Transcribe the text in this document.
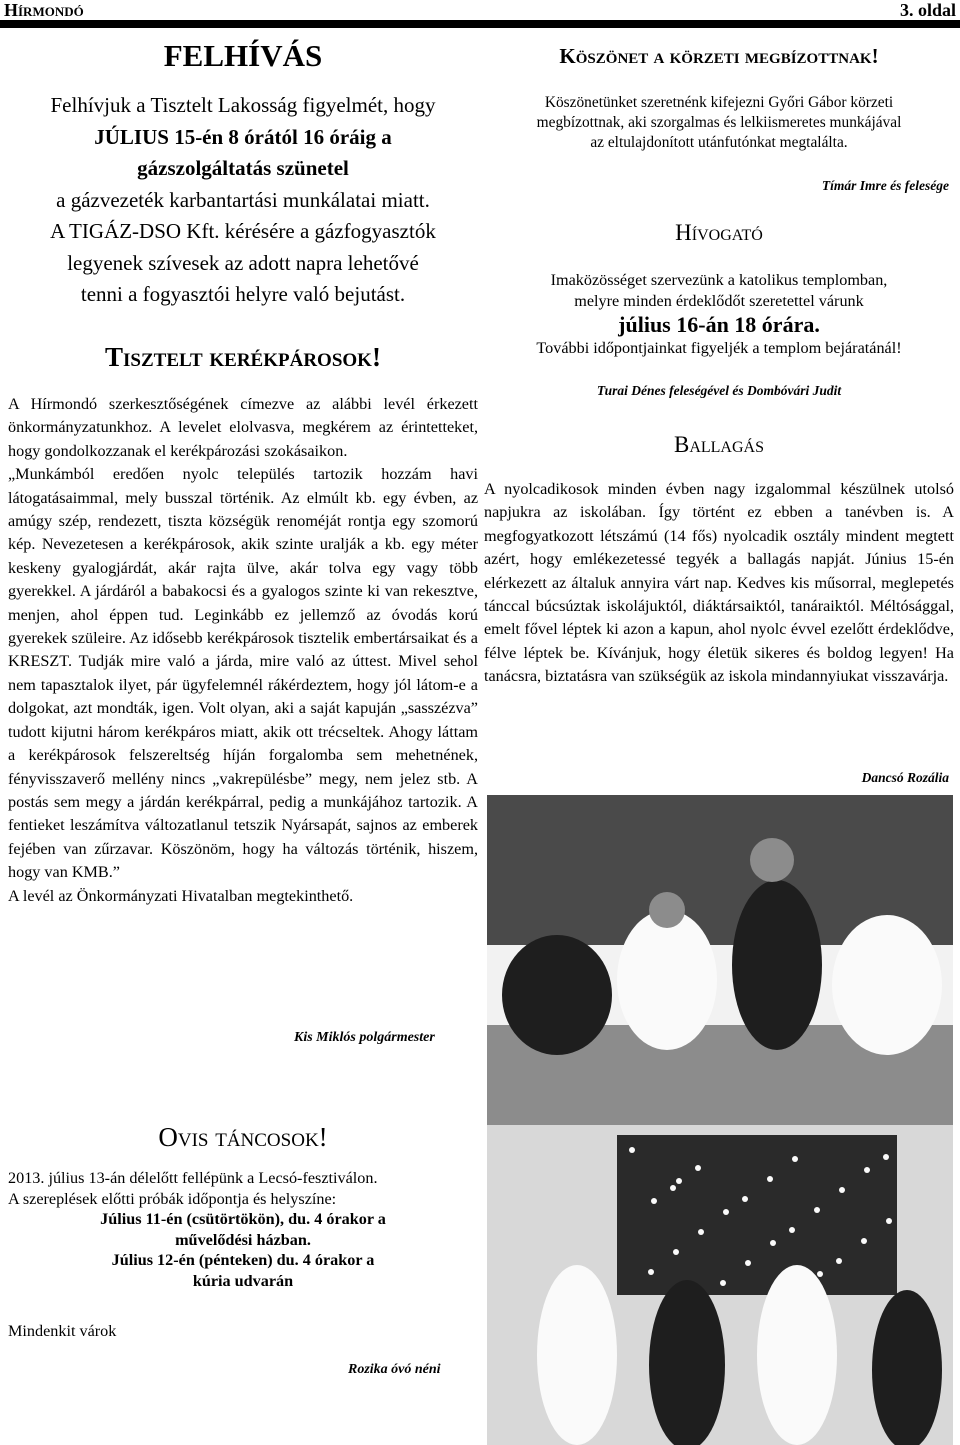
Hírmondó	3. oldal
FELHÍVÁS
Felhívjuk a Tisztelt Lakosság figyelmét, hogy
JÚLIUS 15-én 8 órától 16 óráig a
gázszolgáltatás szünetel
a gázvezeték karbantartási munkálatai miatt.
A TIGÁZ-DSO Kft. kérésére a gázfogyasztók
legyenek szívesek az adott napra lehetővé
tenni a fogyasztói helyre való bejutást.
Tisztelt kerékpárosok!

A Hírmondó szerkesztőségének címezve az alábbi levél érkezett önkormányzatunkhoz. A levelet elolvasva, megkérem az érintetteket, hogy gondolkozzanak el kerékpározási szokásaikon.

„Munkámból eredően nyolc település tartozik hozzám havi látogatásaimmal, mely busszal történik. Az elmúlt kb. egy évben, az amúgy szép, rendezett, tiszta községük renoméját rontja egy szomorú kép. Nevezetesen a kerékpárosok, akik szinte uralják a kb. egy méter keskeny gyalogjárdát, akár rajta ülve, akár tolva egy vagy több gyerekkel. A járdáról a babakocsi és a gyalogos szinte ki van rekesztve, menjen, ahol éppen tud. Leginkább ez jellemző az óvodás korú gyerekek szüleire. Az idősebb kerékpárosok tisztelik embertársaikat és a KRESZT. Tudják mire való a járda, mire való az úttest. Mivel sehol nem tapasztalok ilyet, pár ügyfelemnél rákérdeztem, hogy jól látom-e a dolgokat, azt mondták, igen. Volt olyan, aki a saját kapuján „sasszézva” tudott kijutni három kerékpáros miatt, akik ott trécseltek. Ahogy láttam a kerékpárosok felszereltség híján forgalomba sem mehetnének, fényvisszaverő mellény nincs „vakrepülésbe” megy, nem jelez stb. A postás sem megy a járdán kerékpárral, pedig a munkájához tartozik. A fentieket leszámítva változatlanul tetszik Nyársapát, sajnos az emberek fejében van zűrzavar. Köszönöm, hogy ha változás történik, hiszem, hogy van KMB.”

A levél az Önkormányzati Hivatalban megtekinthető.

Kis Miklós polgármester
Ovis táncosok!
2013. július 13-án délelőtt fellépünk a Lecsó-fesztiválon.
A szereplések előtti próbák időpontja és helyszíne:
Július 11-én (csütörtökön), du. 4 órakor a
művelődési házban.
Július 12-én (pénteken) du. 4 órakor a
kúria udvarán
Mindenkit várok
Rozika óvó néni
Köszönet a körzeti megbízottnak!
Köszönetünket szeretnénk kifejezni Győri Gábor körzeti
megbízottnak, aki szorgalmas és lelkiismeretes munkájával
az eltulajdonított utánfutónkat megtalálta.
Tímár Imre és felesége
Hívogató
Imaközösséget szervezünk a katolikus templomban,
melyre minden érdeklődőt szeretettel várunk
július 16-án 18 órára.
További időpontjainkat figyeljék a templom bejáratánál!
Turai Dénes feleségével és Dombóvári Judit
Ballagás
A nyolcadikosok minden évben nagy izgalommal készülnek utolsó napjukra az iskolában. Így történt ez ebben a tanévben is. A megfogyatkozott létszámú (14 fős) nyolcadik osztály mindent megtett azért, hogy emlékezetessé tegyék a ballagás napját. Június 15-én elérkezett az általuk annyira várt nap. Kedves kis műsorral, meglepetés tánccal búcsúztak iskolájuktól, diáktársaiktól, tanáraiktól. Méltósággal, emelt fővel léptek ki azon a kapun, ahol nyolc évvel ezelőtt érdeklődve, félve léptek be. Kívánjuk, hogy életük sikeres és boldog legyen! Ha tanácsra, biztatásra van szükségük az iskola mindannyiukat visszavárja.
Dancsó Rozália
